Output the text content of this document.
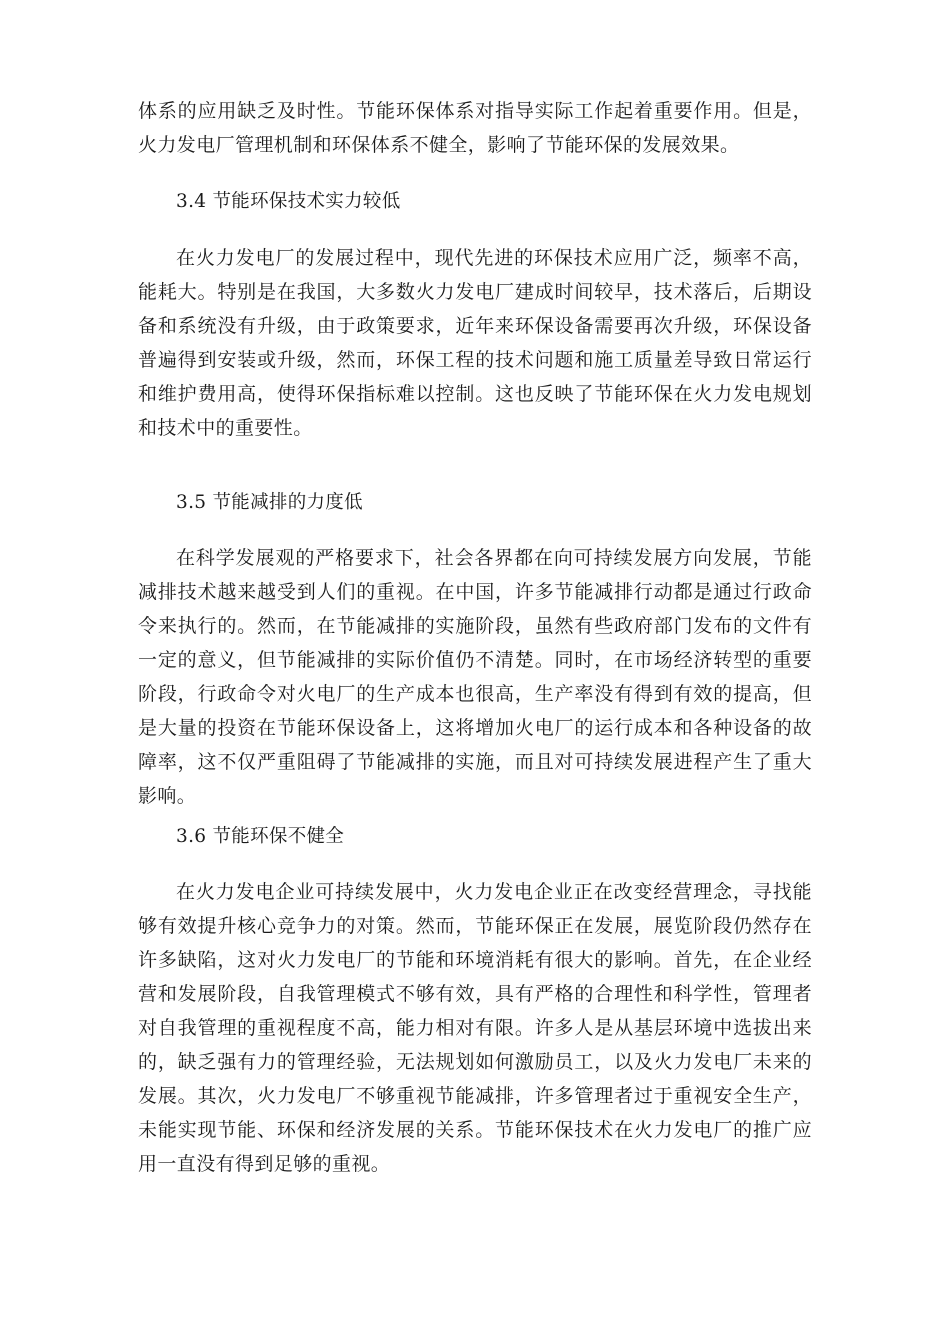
体系的应用缺乏及时性。节能环保体系对指导实际工作起着重要作用。但是，火力发电厂管理机制和环保体系不健全，影响了节能环保的发展效果。

3.4 节能环保技术实力较低

在火力发电厂的发展过程中，现代先进的环保技术应用广泛，频率不高，能耗大。特别是在我国，大多数火力发电厂建成时间较早，技术落后，后期设备和系统没有升级，由于政策要求，近年来环保设备需要再次升级，环保设备普遍得到安装或升级，然而，环保工程的技术问题和施工质量差导致日常运行和维护费用高，使得环保指标难以控制。这也反映了节能环保在火力发电规划和技术中的重要性。

3.5 节能减排的力度低

在科学发展观的严格要求下，社会各界都在向可持续发展方向发展，节能减排技术越来越受到人们的重视。在中国，许多节能减排行动都是通过行政命令来执行的。然而，在节能减排的实施阶段，虽然有些政府部门发布的文件有一定的意义，但节能减排的实际价值仍不清楚。同时，在市场经济转型的重要阶段，行政命令对火电厂的生产成本也很高，生产率没有得到有效的提高，但是大量的投资在节能环保设备上，这将增加火电厂的运行成本和各种设备的故障率，这不仅严重阻碍了节能减排的实施，而且对可持续发展进程产生了重大影响。

3.6 节能环保不健全

在火力发电企业可持续发展中，火力发电企业正在改变经营理念，寻找能够有效提升核心竞争力的对策。然而，节能环保正在发展，展览阶段仍然存在许多缺陷，这对火力发电厂的节能和环境消耗有很大的影响。首先，在企业经营和发展阶段，自我管理模式不够有效，具有严格的合理性和科学性，管理者对自我管理的重视程度不高，能力相对有限。许多人是从基层环境中选拔出来的，缺乏强有力的管理经验，无法规划如何激励员工，以及火力发电厂未来的发展。其次，火力发电厂不够重视节能减排，许多管理者过于重视安全生产，未能实现节能、环保和经济发展的关系。节能环保技术在火力发电厂的推广应用一直没有得到足够的重视。
